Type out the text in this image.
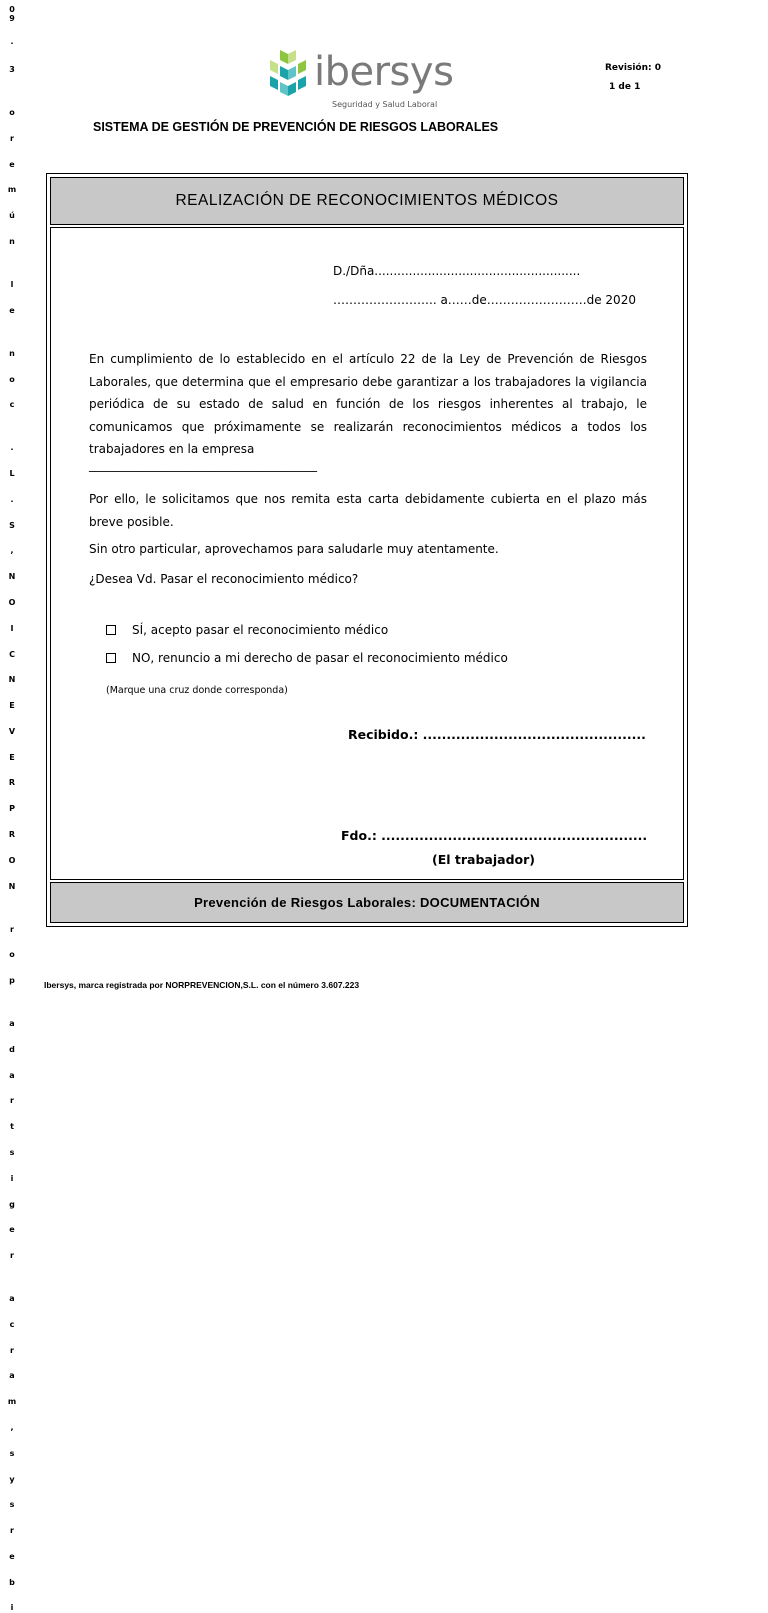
0
9

·

3

o

r

e

m

ú

n

l

e

n

o

c

.

L

.

S

,

N

O

I

C

N

E

V

E

R

P

R

O

N

r

o

p

a

d

a

r

t

s

i

g

e

r

a

c

r

a

m

,

s

y

s

r

e

b

i
ibersys
Seguridad y Salud Laboral
Revisión: 0
1 de 1
SISTEMA DE GESTIÓN DE PREVENCIÓN DE RIESGOS LABORALES
REALIZACIÓN DE RECONOCIMIENTOS MÉDICOS
Prevención de Riesgos Laborales: DOCUMENTACIÓN
D./Dña......................................................
…………………….. a……de…………………….de 2020
En cumplimiento de lo establecido en el artículo 22 de la Ley de Prevención de Riesgos Laborales, que determina que el empresario debe garantizar a los trabajadores la vigilancia periódica de su estado de salud en función de los riesgos inherentes al trabajo, le comunicamos que próximamente se realizarán reconocimientos médicos a todos los trabajadores en la empresa
______________________________________
Por ello, le solicitamos que nos remita esta carta debidamente cubierta en el plazo más breve posible.
Sin otro particular, aprovechamos para saludarle muy atentamente.
¿Desea Vd. Pasar el reconocimiento médico?
SÍ, acepto pasar el reconocimiento médico
NO, renuncio a mi derecho de pasar el reconocimiento médico
(Marque una cruz donde corresponda)
Recibido.: ...............................................
Fdo.: ........................................................
(El trabajador)
Ibersys, marca registrada por NORPREVENCION,S.L. con el número 3.607.223
